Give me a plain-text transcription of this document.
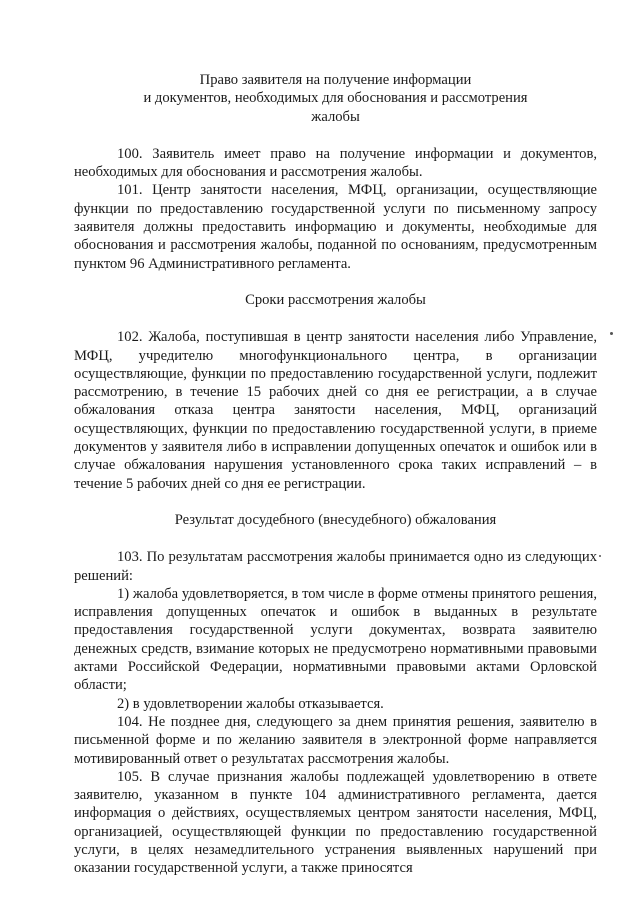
Право заявителя на получение информации
и документов, необходимых для обоснования и рассмотрения
жалобы

100. Заявитель имеет право на получение информации и документов, необходимых для обоснования и рассмотрения жалобы.

101. Центр занятости населения, МФЦ, организации, осуществляющие функции по предоставлению государственной услуги по письменному запросу заявителя должны предоставить информацию и документы, необходимые для обоснования и рассмотрения жалобы, поданной по основаниям, предусмотренным пунктом 96 Административного регламента.

Сроки рассмотрения жалобы

102. Жалоба, поступившая в центр занятости населения либо Управление, МФЦ, учредителю многофункционального центра, в организации осуществляющие, функции по предоставлению государственной услуги, подлежит рассмотрению, в течение 15 рабочих дней со дня ее регистрации, а в случае обжалования отказа центра занятости населения, МФЦ, организаций осуществляющих, функции по предоставлению государственной услуги, в приеме документов у заявителя либо в исправлении допущенных опечаток и ошибок или в случае обжалования нарушения установленного срока таких исправлений – в течение 5 рабочих дней со дня ее регистрации.

Результат досудебного (внесудебного) обжалования

103. По результатам рассмотрения жалобы принимается одно из следующих решений:

1) жалоба удовлетворяется, в том числе в форме отмены принятого решения, исправления допущенных опечаток и ошибок в выданных в результате предоставления государственной услуги документах, возврата заявителю денежных средств, взимание которых не предусмотрено нормативными правовыми актами Российской Федерации, нормативными правовыми актами Орловской области;

2) в удовлетворении жалобы отказывается.

104. Не позднее дня, следующего за днем принятия решения, заявителю в письменной форме и по желанию заявителя в электронной форме направляется мотивированный ответ о результатах рассмотрения жалобы.

105. В случае признания жалобы подлежащей удовлетворению в ответе заявителю, указанном в пункте 104 административного регламента, дается информация о действиях, осуществляемых центром занятости населения, МФЦ, организацией, осуществляющей функции по предоставлению государственной услуги, в целях незамедлительного устранения выявленных нарушений при оказании государственной услуги, а также приносятся
